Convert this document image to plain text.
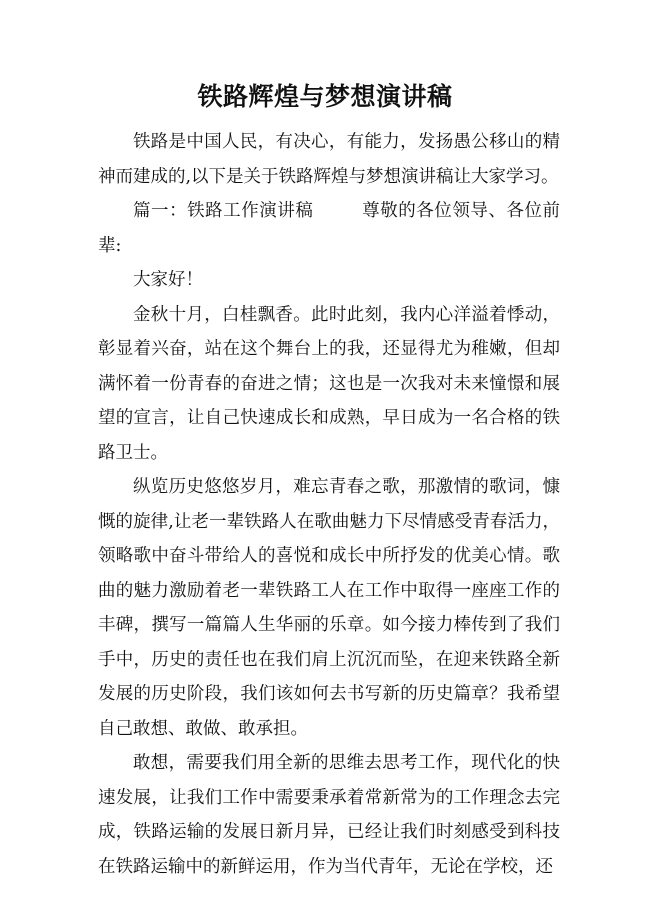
铁路辉煌与梦想演讲稿

铁路是中国人民，有决心，有能力，发扬愚公移山的精神而建成的,以下是关于铁路辉煌与梦想演讲稿让大家学习。

篇一：铁路工作演讲稿	尊敬的各位领导、各位前辈:

大家好！

金秋十月，白桂飘香。此时此刻，我内心洋溢着悸动，彰显着兴奋，站在这个舞台上的我，还显得尤为稚嫩，但却满怀着一份青春的奋进之情；这也是一次我对未来憧憬和展望的宣言，让自己快速成长和成熟，早日成为一名合格的铁路卫士。

纵览历史悠悠岁月，难忘青春之歌，那激情的歌词，慷慨的旋律,让老一辈铁路人在歌曲魅力下尽情感受青春活力，领略歌中奋斗带给人的喜悦和成长中所抒发的优美心情。歌曲的魅力激励着老一辈铁路工人在工作中取得一座座工作的丰碑，撰写一篇篇人生华丽的乐章。如今接力棒传到了我们手中，历史的责任也在我们肩上沉沉而坠，在迎来铁路全新发展的历史阶段，我们该如何去书写新的历史篇章？我希望自己敢想、敢做、敢承担。

敢想，需要我们用全新的思维去思考工作，现代化的快速发展，让我们工作中需要秉承着常新常为的工作理念去完成，铁路运输的发展日新月异，已经让我们时刻感受到科技在铁路运输中的新鲜运用，作为当代青年，无论在学校，还
